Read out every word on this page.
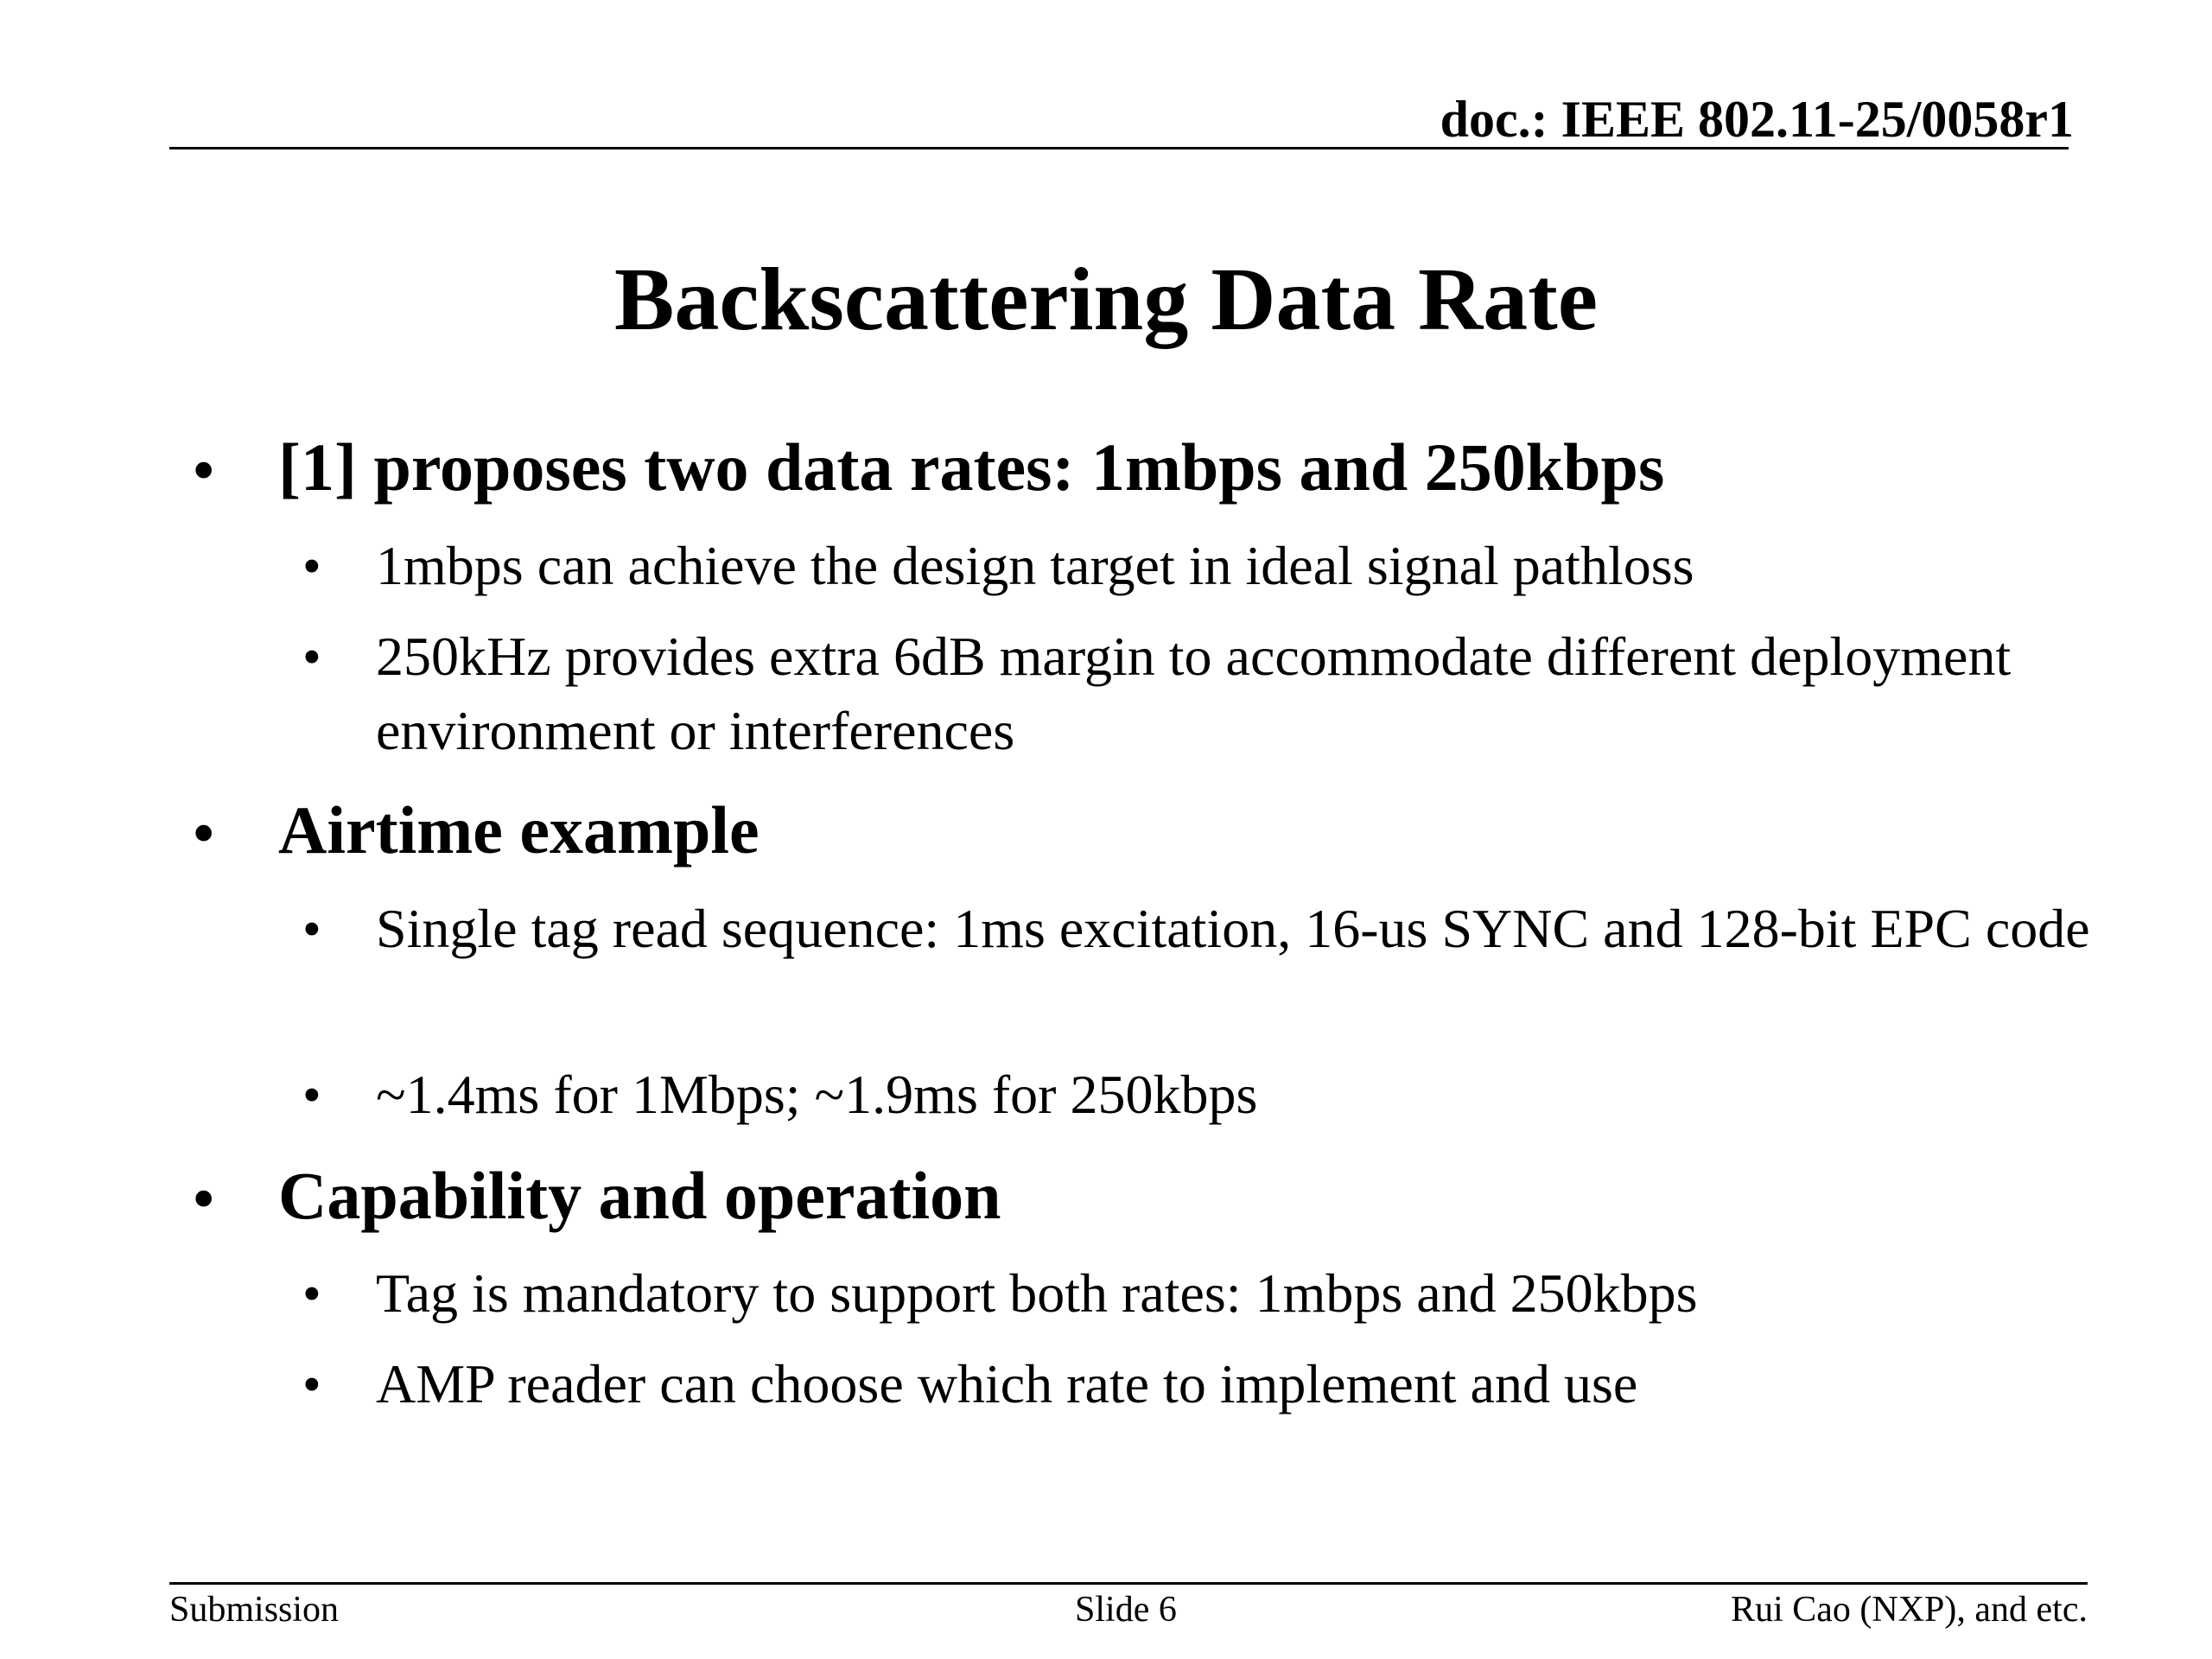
doc.: IEEE 802.11-25/0058r1
Backscattering Data Rate
• [1] proposes two data rates: 1mbps and 250kbps
• 1mbps can achieve the design target in ideal signal pathloss
• 250kHz provides extra 6dB margin to accommodate different deployment environment or interferences
• Airtime example
• Single tag read sequence: 1ms excitation, 16-us SYNC and 128-bit EPC code
• ~1.4ms for 1Mbps; ~1.9ms for 250kbps
• Capability and operation
• Tag is mandatory to support both rates: 1mbps and 250kbps
• AMP reader can choose which rate to implement and use
Submission	Slide 6	Rui Cao (NXP), and etc.
